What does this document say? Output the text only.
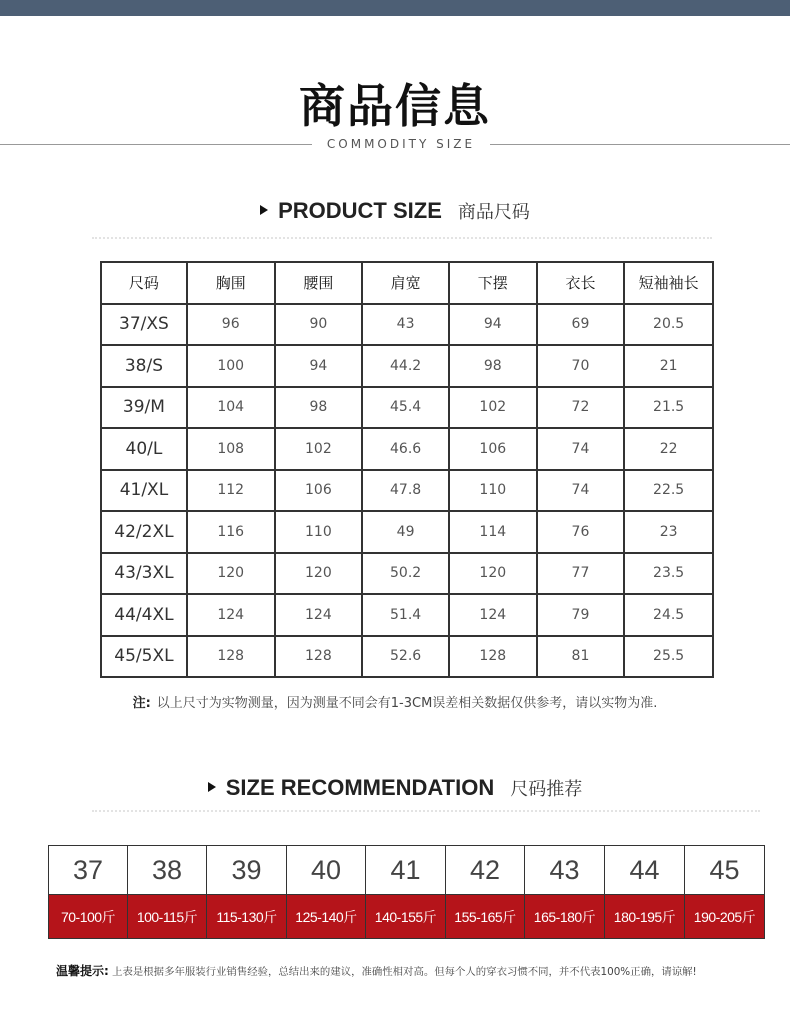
商品信息
COMMODITY SIZE
PRODUCT SIZE 商品尺码
尺码	胸围	腰围	肩宽	下摆	衣长	短袖袖长
37/XS	96	90	43	94	69	20.5
38/S	100	94	44.2	98	70	21
39/M	104	98	45.4	102	72	21.5
40/L	108	102	46.6	106	74	22
41/XL	112	106	47.8	110	74	22.5
42/2XL	116	110	49	114	76	23
43/3XL	120	120	50.2	120	77	23.5
44/4XL	124	124	51.4	124	79	24.5
45/5XL	128	128	52.6	128	81	25.5

注: 以上尺寸为实物测量，因为测量不同会有1-3CM误差相关数据仅供参考，请以实物为准.

SIZE RECOMMENDATION 尺码推荐
37	38	39	40	41	42	43	44	45
70-100斤	100-115斤	115-130斤	125-140斤	140-155斤	155-165斤	165-180斤	180-195斤	190-205斤

温馨提示: 上表是根据多年服装行业销售经验，总结出来的建议，准确性相对高。但每个人的穿衣习惯不同，并不代表100%正确，请谅解!
